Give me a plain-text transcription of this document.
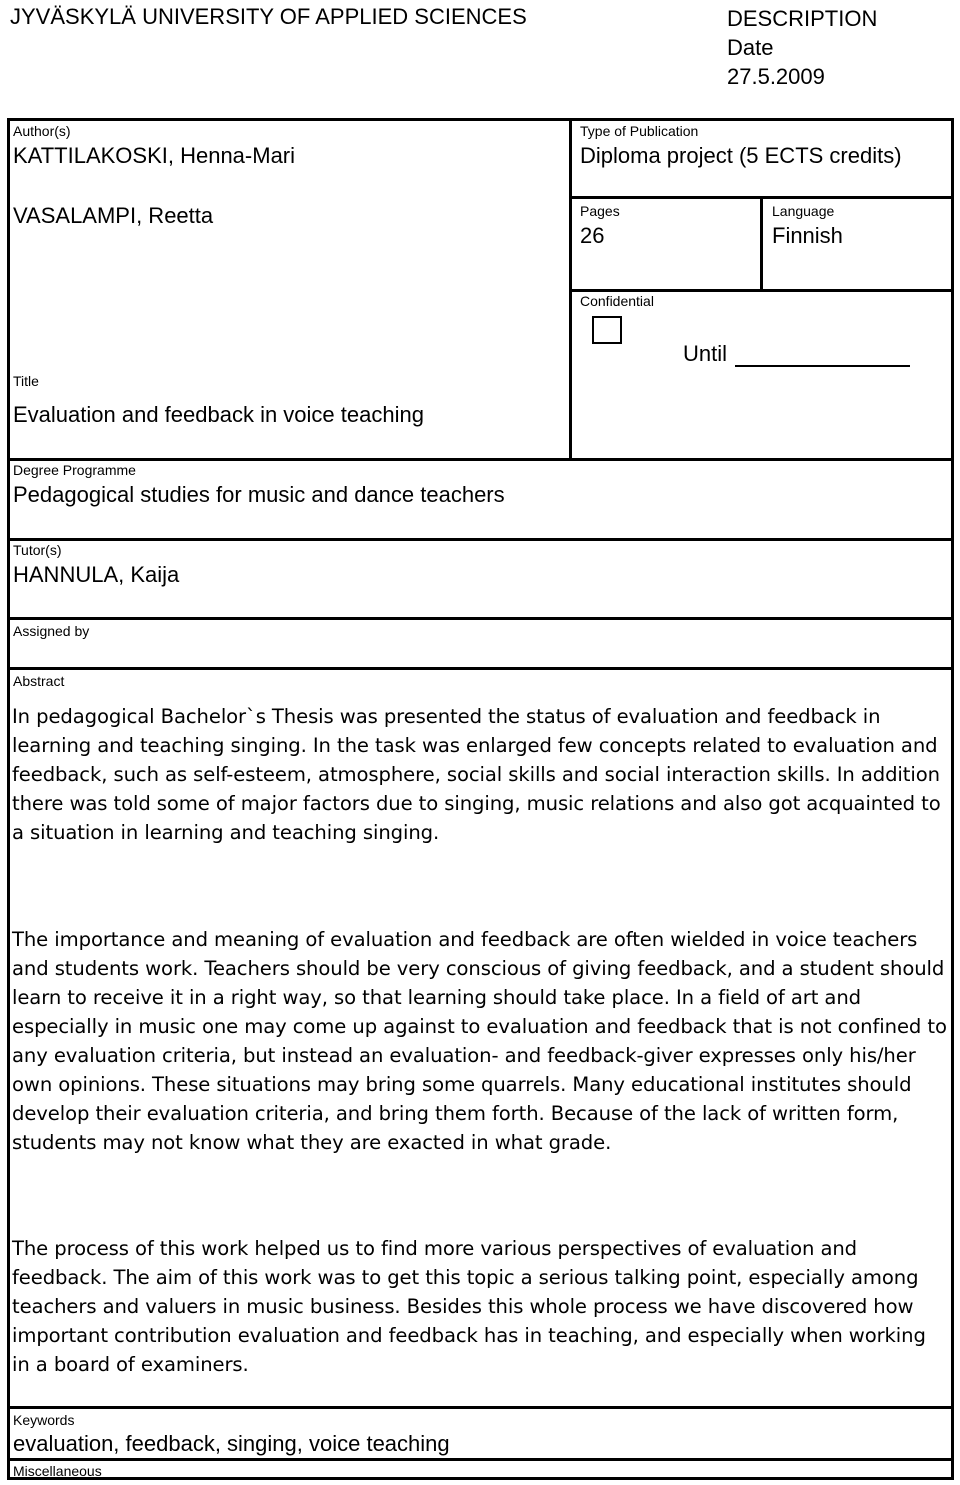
JYVÄSKYLÄ UNIVERSITY OF APPLIED SCIENCES	DESCRIPTION
Date
27.5.2009
Author(s)
KATTILAKOSKI, Henna-Mari
VASALAMPI, Reetta
Type of Publication
Diploma project (5 ECTS credits)
Pages
26
Language
Finnish
Confidential
Until
Title
Evaluation and feedback in voice teaching
Degree Programme
Pedagogical studies for music and dance teachers
Tutor(s)
HANNULA, Kaija
Assigned by
Abstract

In pedagogical Bachelor`s Thesis was presented the status of evaluation and feedback in learning and teaching singing. In the task was enlarged few concepts related to evaluation and feedback, such as self-esteem, atmosphere, social skills and social interaction skills. In addition there was told some of major factors due to singing, music relations and also got acquainted to a situation in learning and teaching singing.

The importance and meaning of evaluation and feedback are often wielded in voice teachers and students work. Teachers should be very conscious of giving feedback, and a student should learn to receive it in a right way, so that learning should take place. In a field of art and especially in music one may come up against to evaluation and feedback that is not confined to any evaluation criteria, but instead an evaluation- and feedback-giver expresses only his/her own opinions. These situations may bring some quarrels. Many educational institutes should develop their evaluation criteria, and bring them forth. Because of the lack of written form, students may not know what they are exacted in what grade.

The process of this work helped us to find more various perspectives of evaluation and feedback. The aim of this work was to get this topic a serious talking point, especially among teachers and valuers in music business. Besides this whole process we have discovered how important contribution evaluation and feedback has in teaching, and especially when working in a board of examiners.

Keywords
evaluation, feedback, singing, voice teaching
Miscellaneous
